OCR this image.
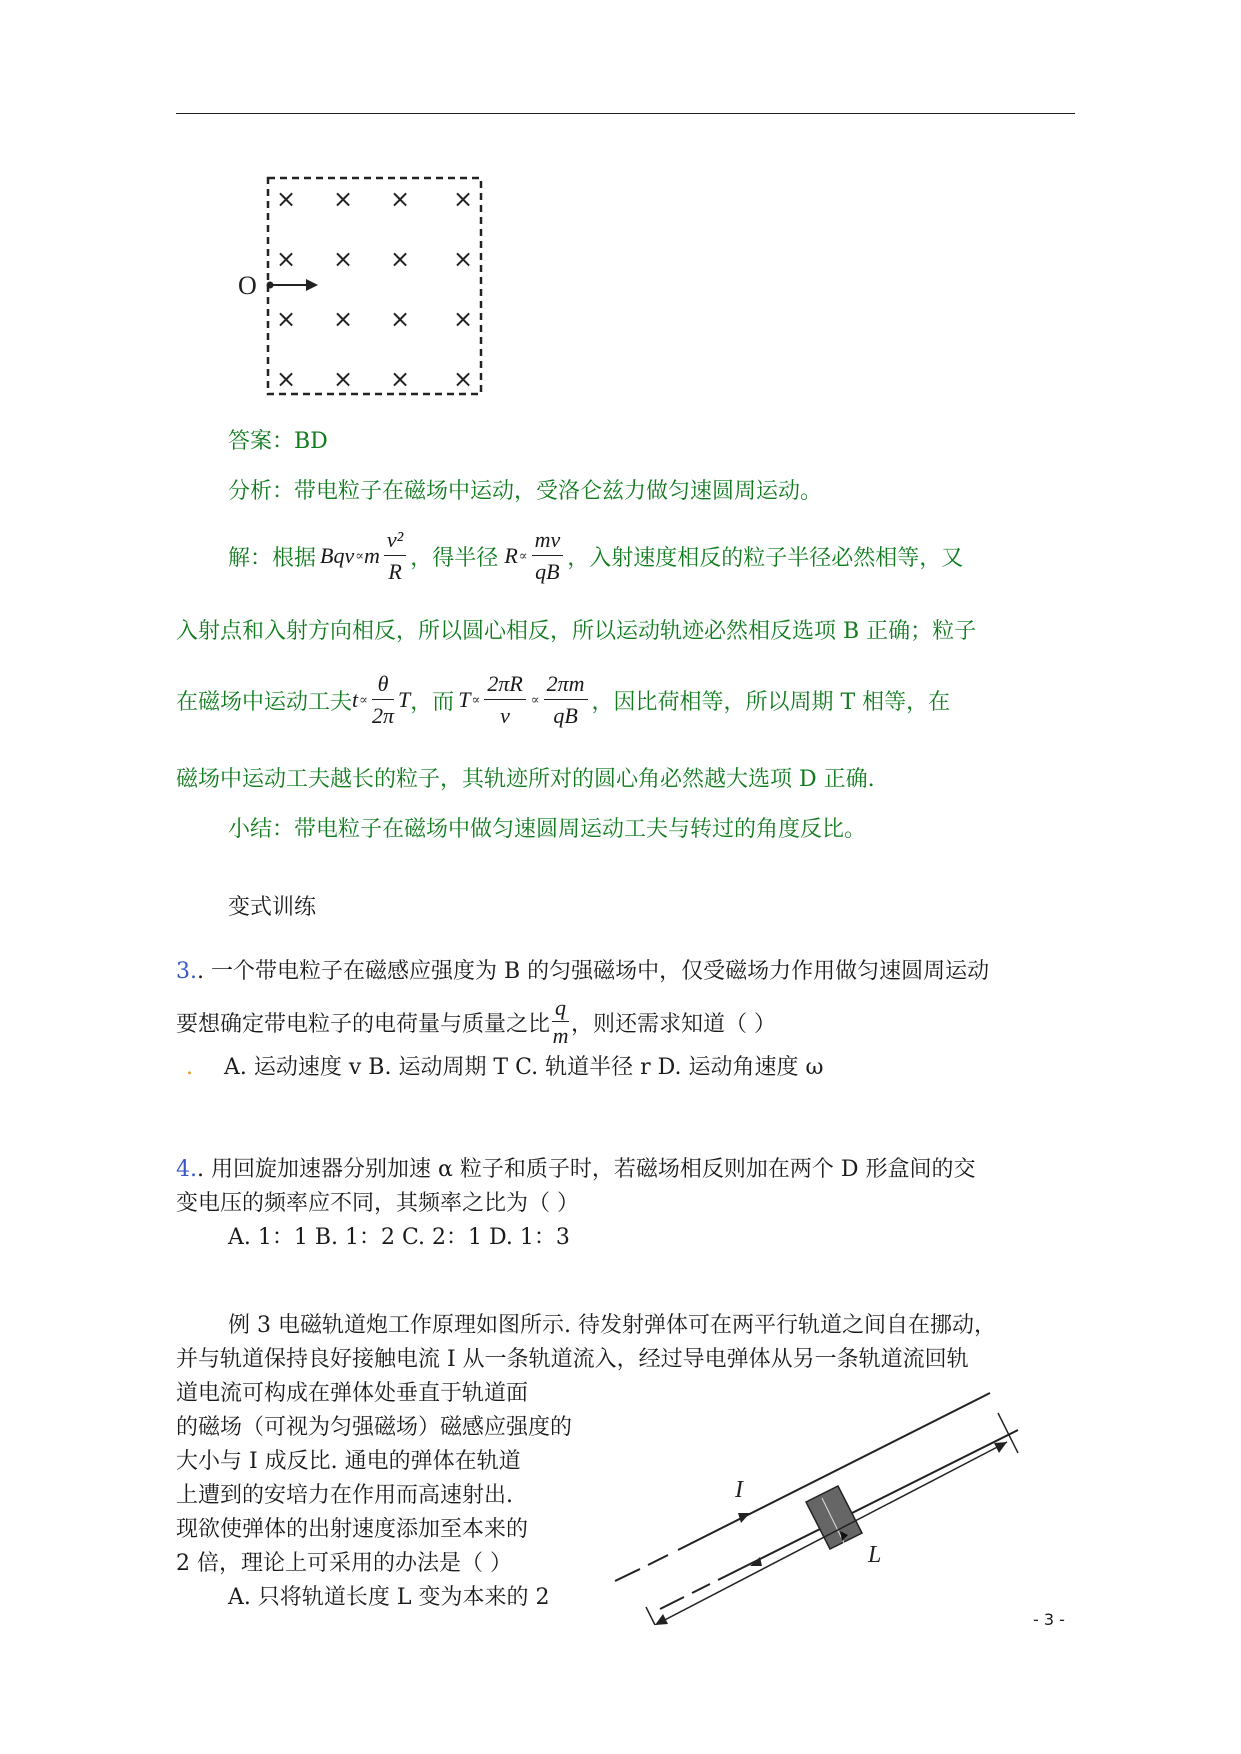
× × × ×
× × × ×
× × × ×
× × × ×
O
答案：BD
分析：带电粒子在磁场中运动，受洛仑兹力做匀速圆周运动。
解：根据 Bqv ∝ m $\frac{\text{v²}}{R}$ ，得半径 $R \propto \frac{mv}{qB}$ ，入射速度相反的粒子半径必然相等，又
入射点和入射方向相反，所以圆心相反，所以运动轨迹必然相反选项 B 正确；粒子
在磁场中运动工夫 $t \propto \frac{\theta}{2\pi}$ T ，而 $T \propto \frac{2\pi R}{v} \propto \frac{2\pi m}{qB}$ ，因比荷相等，所以周期 T 相等，在
磁场中运动工夫越长的粒子，其轨迹所对的圆心角必然越大选项 D 正确.
小结：带电粒子在磁场中做匀速圆周运动工夫与转过的角度反比。
变式训练
3.. 一个带电粒子在磁感应强度为 B 的匀强磁场中，仅受磁场力作用做匀速圆周运动
要想确定带电粒子的电荷量与质量之比 $\frac{q}{m}$ ，则还需求知道（ ）
. A. 运动速度 v B. 运动周期 T C. 轨道半径 r D. 运动角速度 ω
4.. 用回旋加速器分别加速 α 粒子和质子时，若磁场相反则加在两个 D 形盒间的交
变电压的频率应不同，其频率之比为（ ）
A. 1：1 B. 1：2 C. 2：1 D. 1：3
例 3 电磁轨道炮工作原理如图所示. 待发射弹体可在两平行轨道之间自在挪动，
并与轨道保持良好接触电流 I 从一条轨道流入，经过导电弹体从另一条轨道流回轨
道电流可构成在弹体处垂直于轨道面
的磁场（可视为匀强磁场）磁感应强度的
大小与 I 成反比. 通电的弹体在轨道
上遭到的安培力在作用而高速射出.
现欲使弹体的出射速度添加至本来的
2 倍，理论上可采用的办法是（ ）
A. 只将轨道长度 L 变为本来的 2
I
L
- 3 -
